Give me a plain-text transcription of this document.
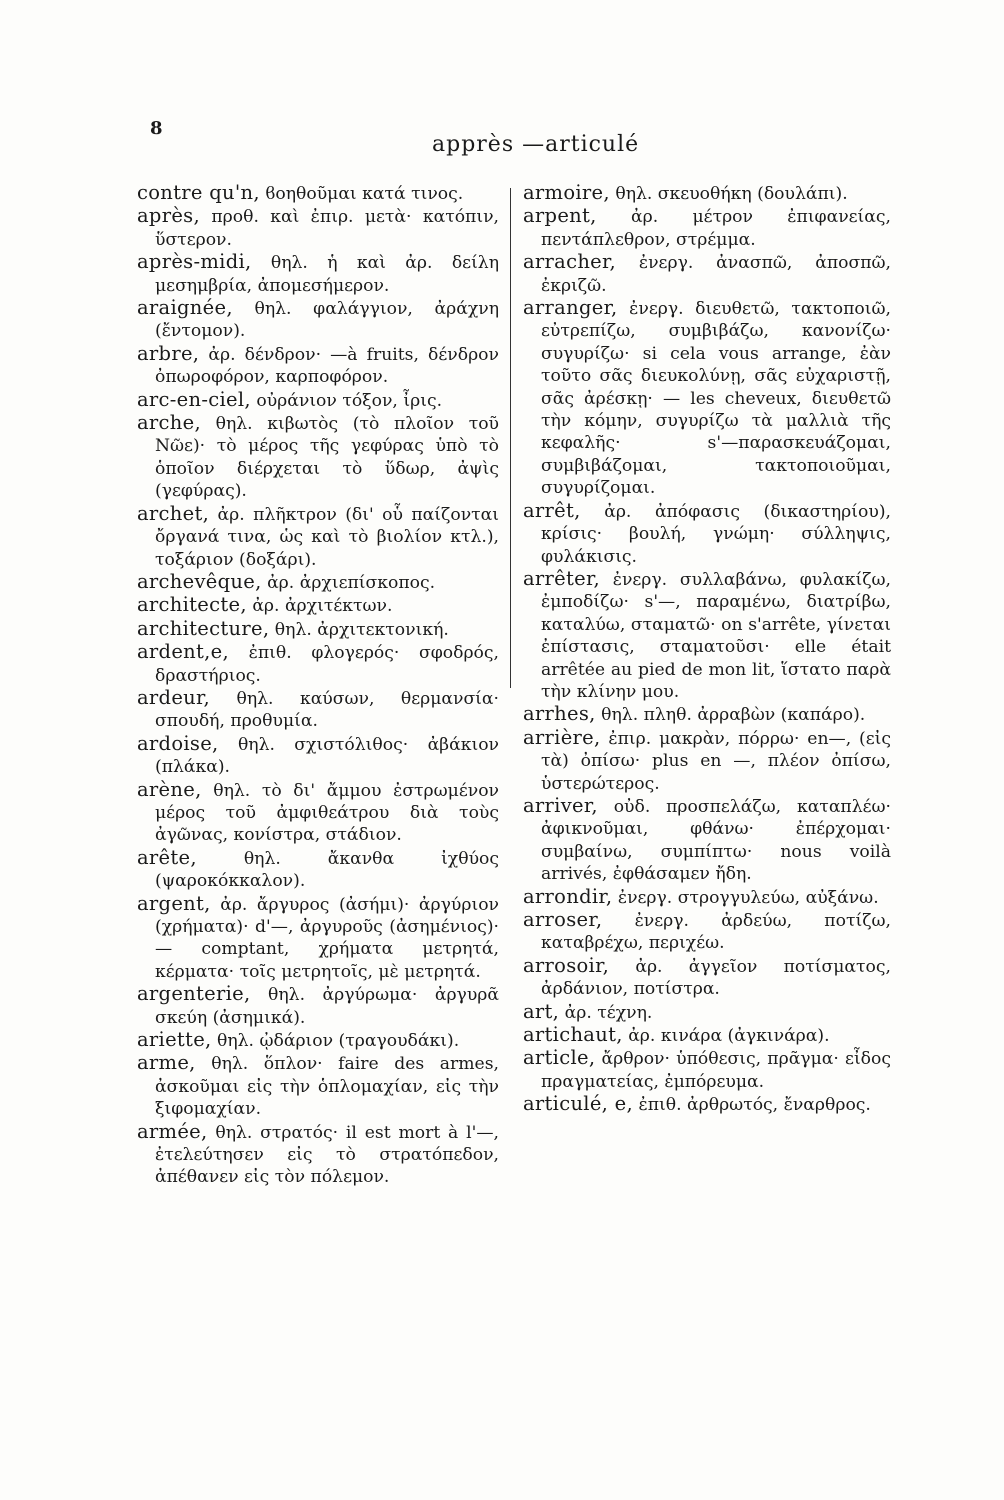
8
apprès —articulé
contre qu'n, ϐοηθοῦμαι κατά τινος.
après, προθ. καὶ ἐπιρ. μετὰ· κατόπιν, ὕστερον.
après-midi, θηλ. ἡ καὶ ἀρ. δείλη μεσημβρία, ἀπομεσήμερον.
araignée, θηλ. φαλάγγιον, ἀράχνη (ἔντομον).
arbre, ἀρ. δένδρον· —à fruits, δένδρον ὀπωροφόρον, καρποφόρον.
arc-en-ciel, οὐράνιον τόξον, ἶρις.
arche, θηλ. κιβωτὸς (τὸ πλοῖον τοῦ Νῶε)· τὸ μέρος τῆς γεφύρας ὑπὸ τὸ ὁποῖον διέρχεται τὸ ὕδωρ, ἀψὶς (γεφύρας).
archet, ἀρ. πλῆκτρον (δι' οὗ παίζονται ὄργανά τινα, ὡς καὶ τὸ βιολίον κτλ.), τοξάριον (δοξάρι).
archevêque, ἀρ. ἀρχιεπίσκοπος.
architecte, ἀρ. ἀρχιτέκτων.
architecture, θηλ. ἀρχιτεκτονική.
ardent,e, ἐπιθ. φλογερός· σφοδρός, δραστήριος.
ardeur, θηλ. καύσων, θερμανσία· σπουδή, προθυμία.
ardoise, θηλ. σχιστόλιθος· ἀβάκιον (πλάκα).
arène, θηλ. τὸ δι' ἄμμου ἐστρωμένον μέρος τοῦ ἀμφιθεάτρου διὰ τοὺς ἀγῶνας, κονίστρα, στάδιον.
arête,	θηλ. ἄκανθα ἰχθύος (ψαροκόκκαλον).
argent, ἀρ. ἄργυρος (ἀσήμι)· ἀργύριον (χρήματα)· d'—, ἀργυροῦς (ἀσημένιος)· — comptant, χρήματα μετρητά, κέρματα· τοῖς μετρητοῖς, μὲ μετρητά.
argenterie, θηλ. ἀργύρωμα· ἀργυρᾶ σκεύη (ἀσημικά).
ariette, θηλ. ᾠδάριον (τραγουδάκι).
arme, θηλ. ὅπλον· faire des armes, ἀσκοῦμαι εἰς τὴν ὁπλομαχίαν, εἰς τὴν ξιφομαχίαν.
armée, θηλ. στρατός· il est mort à l'—, ἐτελεύτησεν εἰς τὸ στρατόπεδον, ἀπέθανεν εἰς τὸν πόλεμον.
armoire, θηλ. σκευοθήκη (δουλάπι).
arpent, ἀρ. μέτρον ἐπιφανείας, πεντάπλεθρον, στρέμμα.
arracher, ἐνεργ. ἀνασπῶ, ἀποσπῶ, ἐκριζῶ.
arranger, ἐνεργ. διευθετῶ, τακτοποιῶ, εὐτρεπίζω, συμβιβάζω, κανονίζω· συγυρίζω· si cela vous arrange, ἐὰν τοῦτο σᾶς διευκολύνῃ, σᾶς εὐχαριστῇ, σᾶς ἀρέσκῃ· — les cheveux, διευθετῶ τὴν κόμην, συγυρίζω τὰ μαλλιὰ τῆς κεφαλῆς· s'—παρασκευάζομαι, συμβιβάζομαι, τακτοποιοῦμαι, συγυρίζομαι.
arrêt, ἀρ. ἀπόφασις (δικαστηρίου), κρίσις· βουλή, γνώμη· σύλληψις, φυλάκισις.
arrêter, ἐνεργ. συλλαβάνω, φυλακίζω, ἐμποδίζω· s'—, παραμένω, διατρίβω, καταλύω, σταματῶ· on s'arrête, γίνεται ἐπίστασις, σταματοῦσι· elle était arrêtée au pied de mon lit, ἵστατο παρὰ τὴν κλίνην μου.
arrhes, θηλ. πληθ. ἀρραβὼν (καπάρο).
arrière, ἐπιρ. μακρὰν, πόρρω· en—, (εἰς τὰ) ὀπίσω· plus en —, πλέον ὀπίσω, ὑστερώτερος.
arriver, οὐδ. προσπελάζω, καταπλέω· ἀφικνοῦμαι, φθάνω· ἐπέρχομαι· συμβαίνω, συμπίπτω· nous voilà arrivés, ἐφθάσαμεν ἤδη.
arrondir, ἐνεργ. στρογγυλεύω, αὐξάνω.
arroser, ἐνεργ. ἀρδεύω, ποτίζω, καταβρέχω, περιχέω.
arrosoir, ἀρ. ἀγγεῖον ποτίσματος, ἀρδάνιον, ποτίστρα.
art, ἀρ. τέχνη.
artichaut, ἀρ. κινάρα (ἀγκινάρα).
article, ἄρθρον· ὑπόθεσις, πρᾶγμα· εἶδος πραγματείας, ἐμπόρευμα.
articulé, e, ἐπιθ. ἀρθρωτός, ἔναρθρος.
